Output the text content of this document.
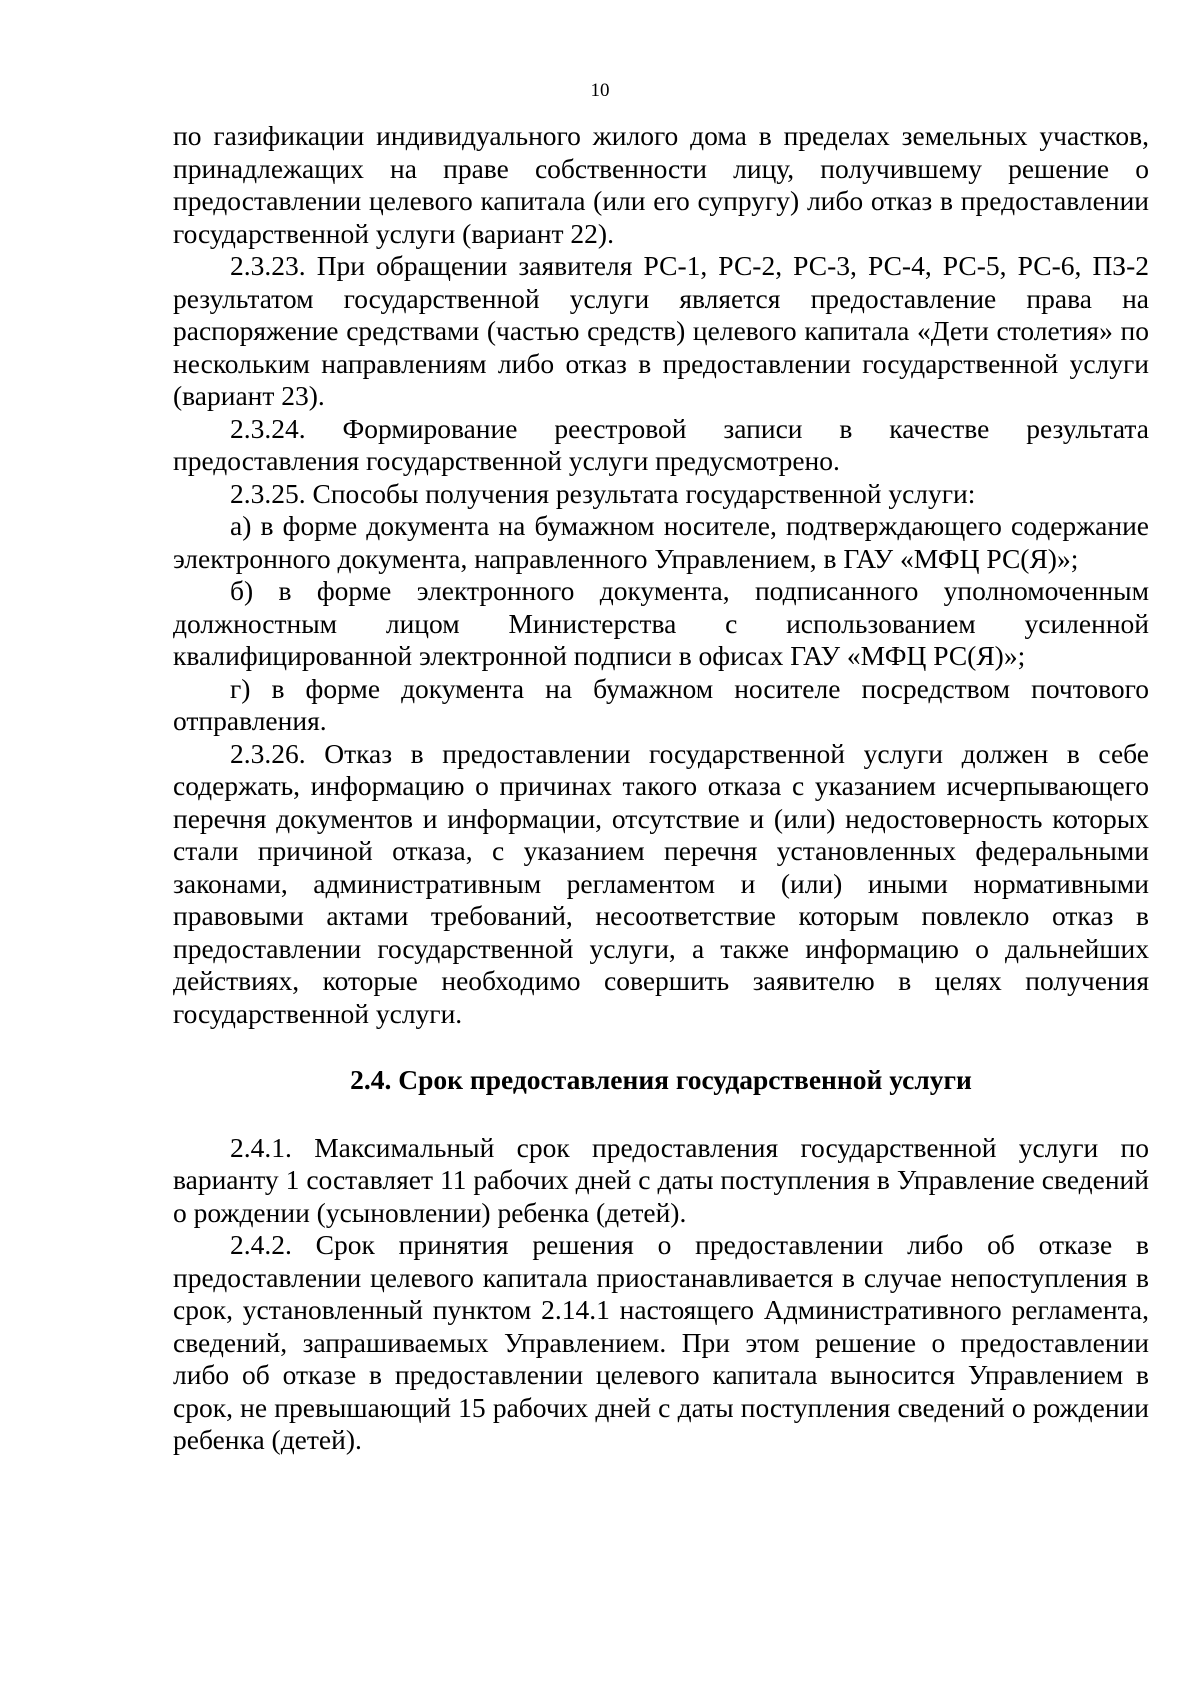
10

по газификации индивидуального жилого дома в пределах земельных участков, принадлежащих на праве собственности лицу, получившему решение о предоставлении целевого капитала (или его супругу) либо отказ в предоставлении государственной услуги (вариант 22).

2.3.23. При обращении заявителя РС-1, РС-2, РС-3, РС-4, РС-5, РС-6, ПЗ-2 результатом государственной услуги является предоставление права на распоряжение средствами (частью средств) целевого капитала «Дети столетия» по нескольким направлениям либо отказ в предоставлении государственной услуги (вариант 23).

2.3.24. Формирование реестровой записи в качестве результата предоставления государственной услуги предусмотрено.

2.3.25. Способы получения результата государственной услуги:

а) в форме документа на бумажном носителе, подтверждающего содержание электронного документа, направленного Управлением, в ГАУ «МФЦ РС(Я)»;

б) в форме электронного документа, подписанного уполномоченным должностным лицом Министерства с использованием усиленной квалифицированной электронной подписи в офисах ГАУ «МФЦ РС(Я)»;

г) в форме документа на бумажном носителе посредством почтового отправления.

2.3.26. Отказ в предоставлении государственной услуги должен в себе содержать, информацию о причинах такого отказа с указанием исчерпывающего перечня документов и информации, отсутствие и (или) недостоверность которых стали причиной отказа, с указанием перечня установленных федеральными законами, административным регламентом и (или) иными нормативными правовыми актами требований, несоответствие которым повлекло отказ в предоставлении государственной услуги, а также информацию о дальнейших действиях, которые необходимо совершить заявителю в целях получения государственной услуги.

2.4. Срок предоставления государственной услуги

2.4.1. Максимальный срок предоставления государственной услуги по варианту 1 составляет 11 рабочих дней с даты поступления в Управление сведений о рождении (усыновлении) ребенка (детей).

2.4.2. Срок принятия решения о предоставлении либо об отказе в предоставлении целевого капитала приостанавливается в случае непоступления в срок, установленный пунктом 2.14.1 настоящего Административного регламента, сведений, запрашиваемых Управлением. При этом решение о предоставлении либо об отказе в предоставлении целевого капитала выносится Управлением в срок, не превышающий 15 рабочих дней с даты поступления сведений о рождении ребенка (детей).
